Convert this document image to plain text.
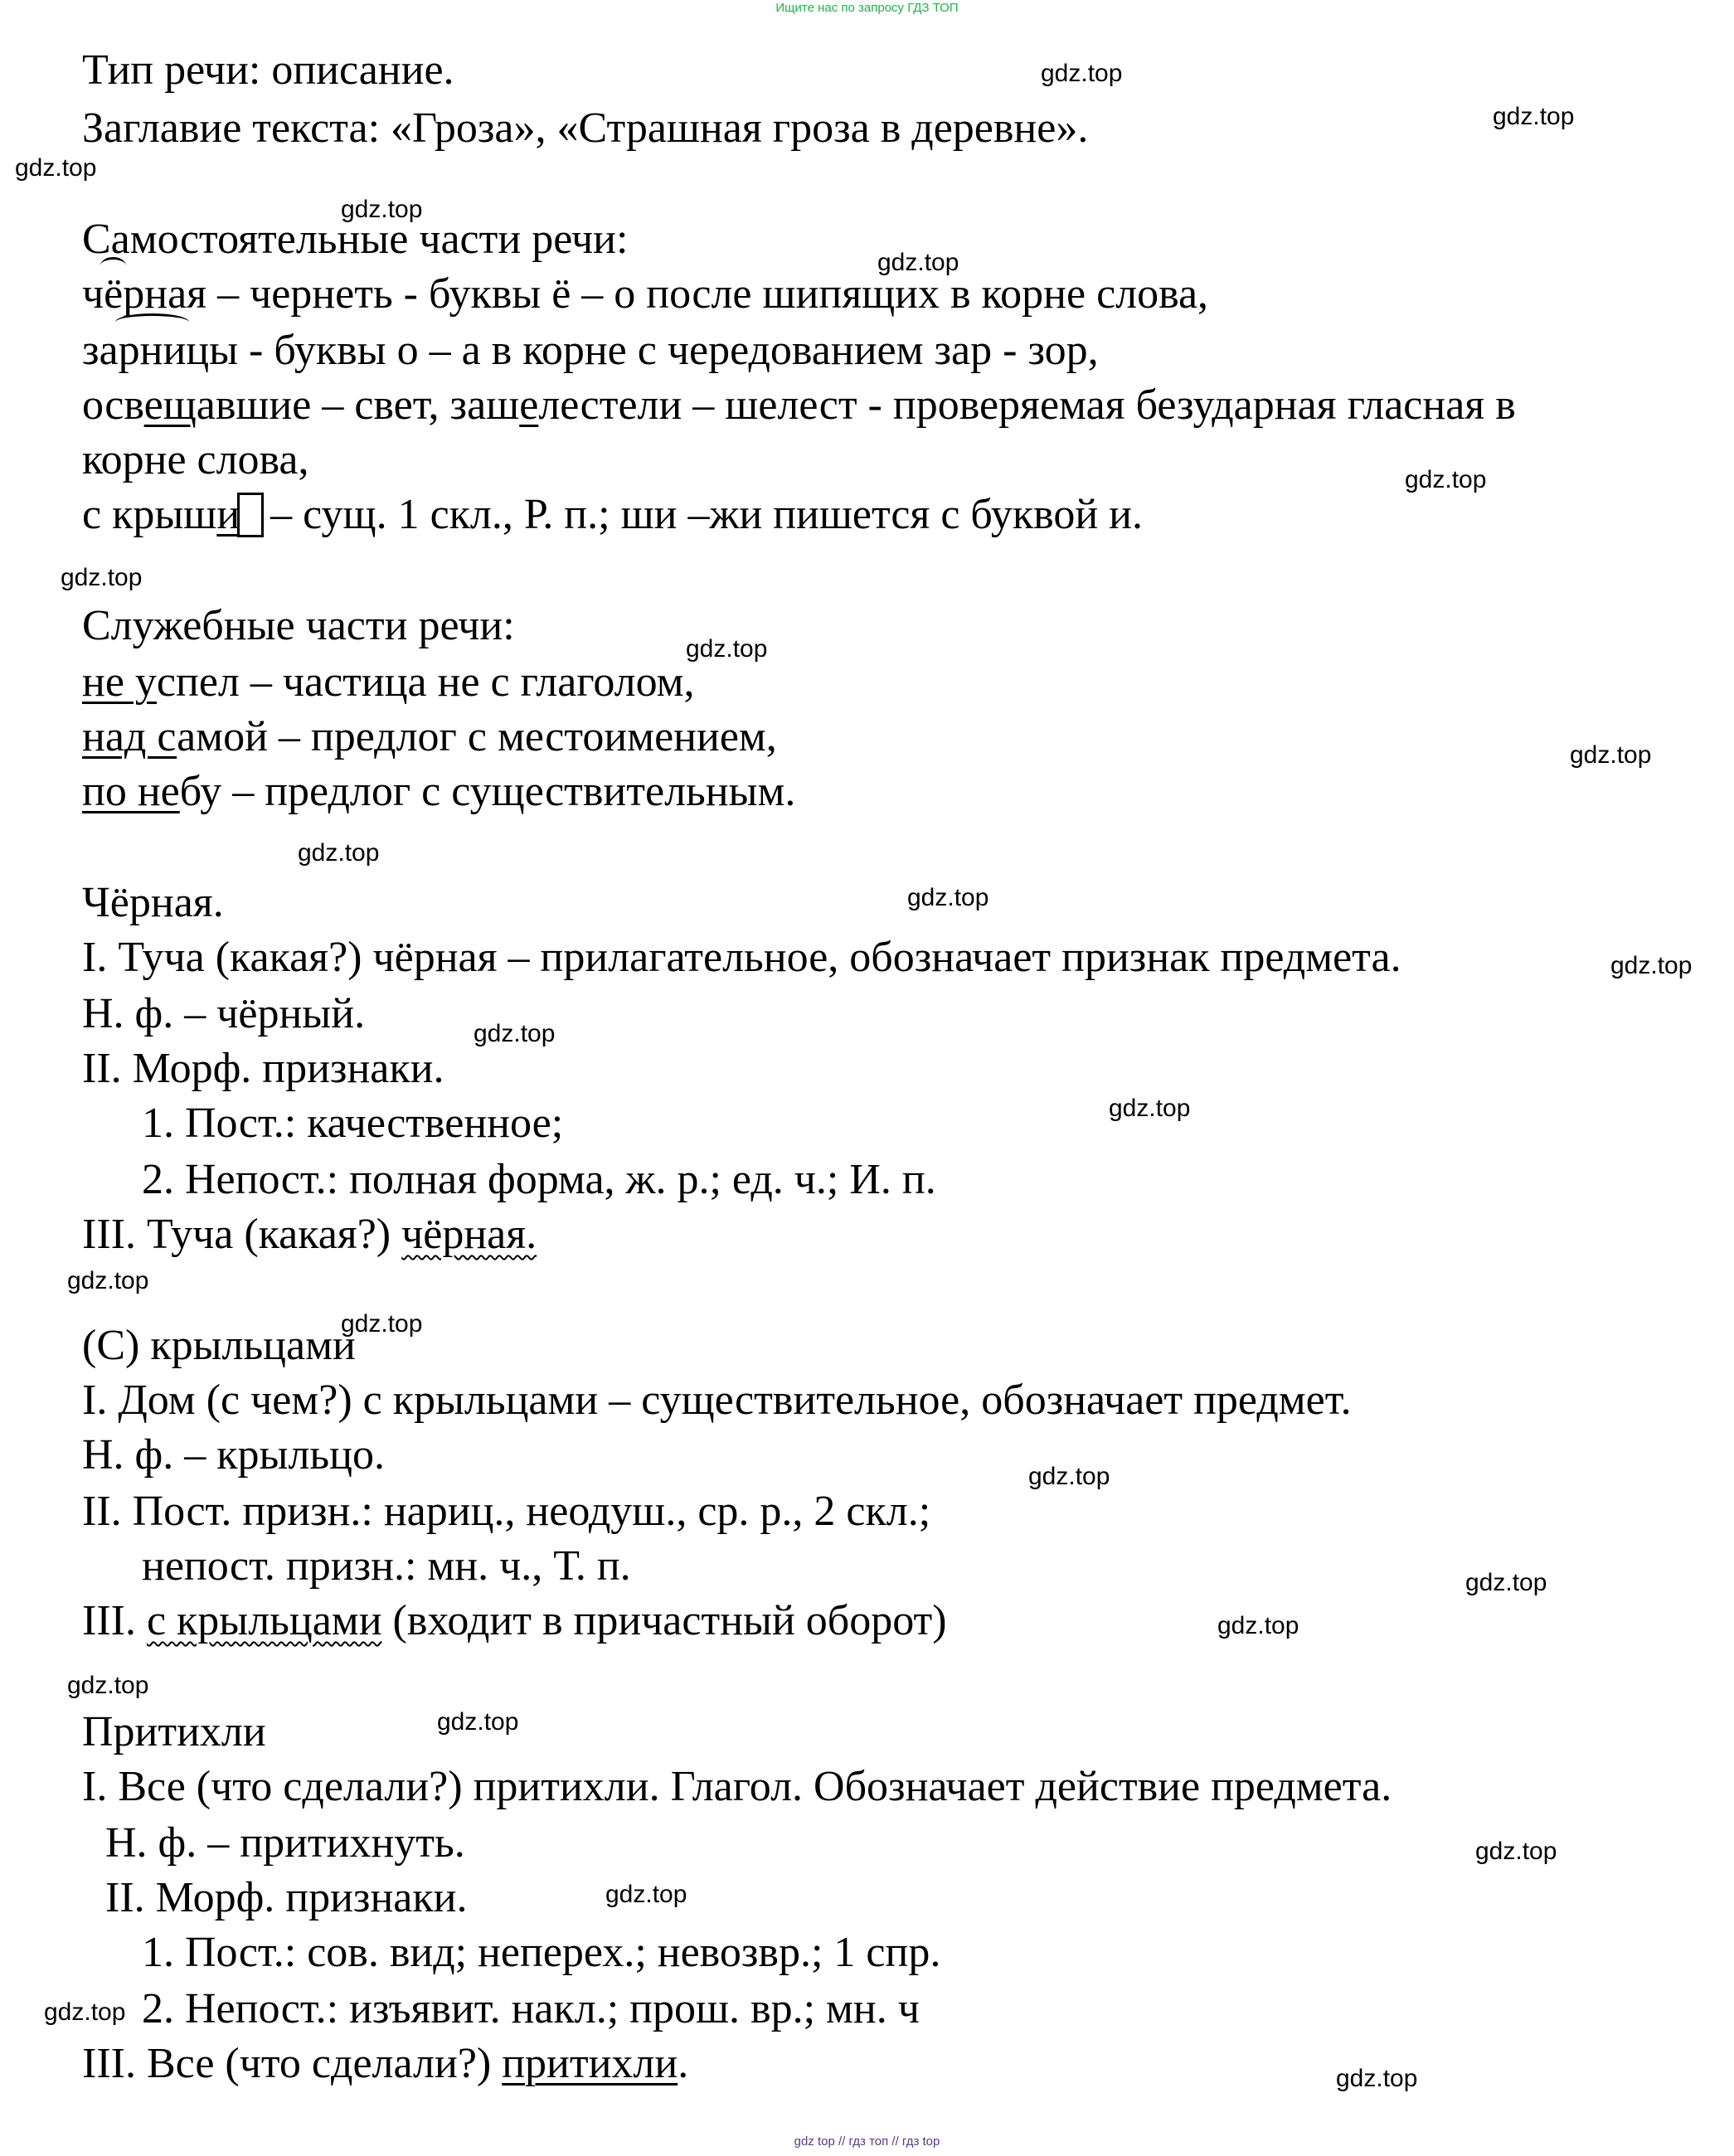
Ищите нас по запросу ГДЗ ТОП
Тип речи: описание.
Заглавие текста: «Гроза», «Страшная гроза в деревне».
Самостоятельные части речи:
чёрная – чернеть - буквы ё – о после шипящих в корне слова,
зарницы - буквы о – а в корне с чередованием зар - зор,
освещавшие – свет, зашелестели – шелест - проверяемая безударная гласная в
корне слова,
с крыши – сущ. 1 скл., Р. п.; ши –жи пишется с буквой и.
Служебные части речи:
не успел – частица не с глаголом,
над самой – предлог с местоимением,
по небу – предлог с существительным.
Чёрная.
I. Туча (какая?) чёрная – прилагательное, обозначает признак предмета.
Н. ф. – чёрный.
II. Морф. признаки.
1. Пост.: качественное;
2. Непост.: полная форма, ж. р.; ед. ч.; И. п.
III. Туча (какая?) чёрная.
(С) крыльцами
I. Дом (с чем?) с крыльцами – существительное, обозначает предмет.
Н. ф. – крыльцо.
II. Пост. призн.: нариц., неодуш., ср. р., 2 скл.;
непост. призн.: мн. ч., Т. п.
III. с крыльцами (входит в причастный оборот)
Притихли
I. Все (что сделали?) притихли. Глагол. Обозначает действие предмета.
Н. ф. – притихнуть.
II. Морф. признаки.
1. Пост.: сов. вид; неперех.; невозвр.; 1 спр.
2. Непост.: изъявит. накл.; прош. вр.; мн. ч
III. Все (что сделали?) притихли.
gdz.top
gdz.top
gdz.top
gdz.top
gdz.top
gdz.top
gdz.top
gdz.top
gdz.top
gdz.top
gdz.top
gdz.top
gdz.top
gdz.top
gdz.top
gdz.top
gdz.top
gdz.top
gdz.top
gdz.top
gdz.top
gdz.top
gdz.top
gdz.top
gdz.top
gdz top // гдз топ // гдз top
